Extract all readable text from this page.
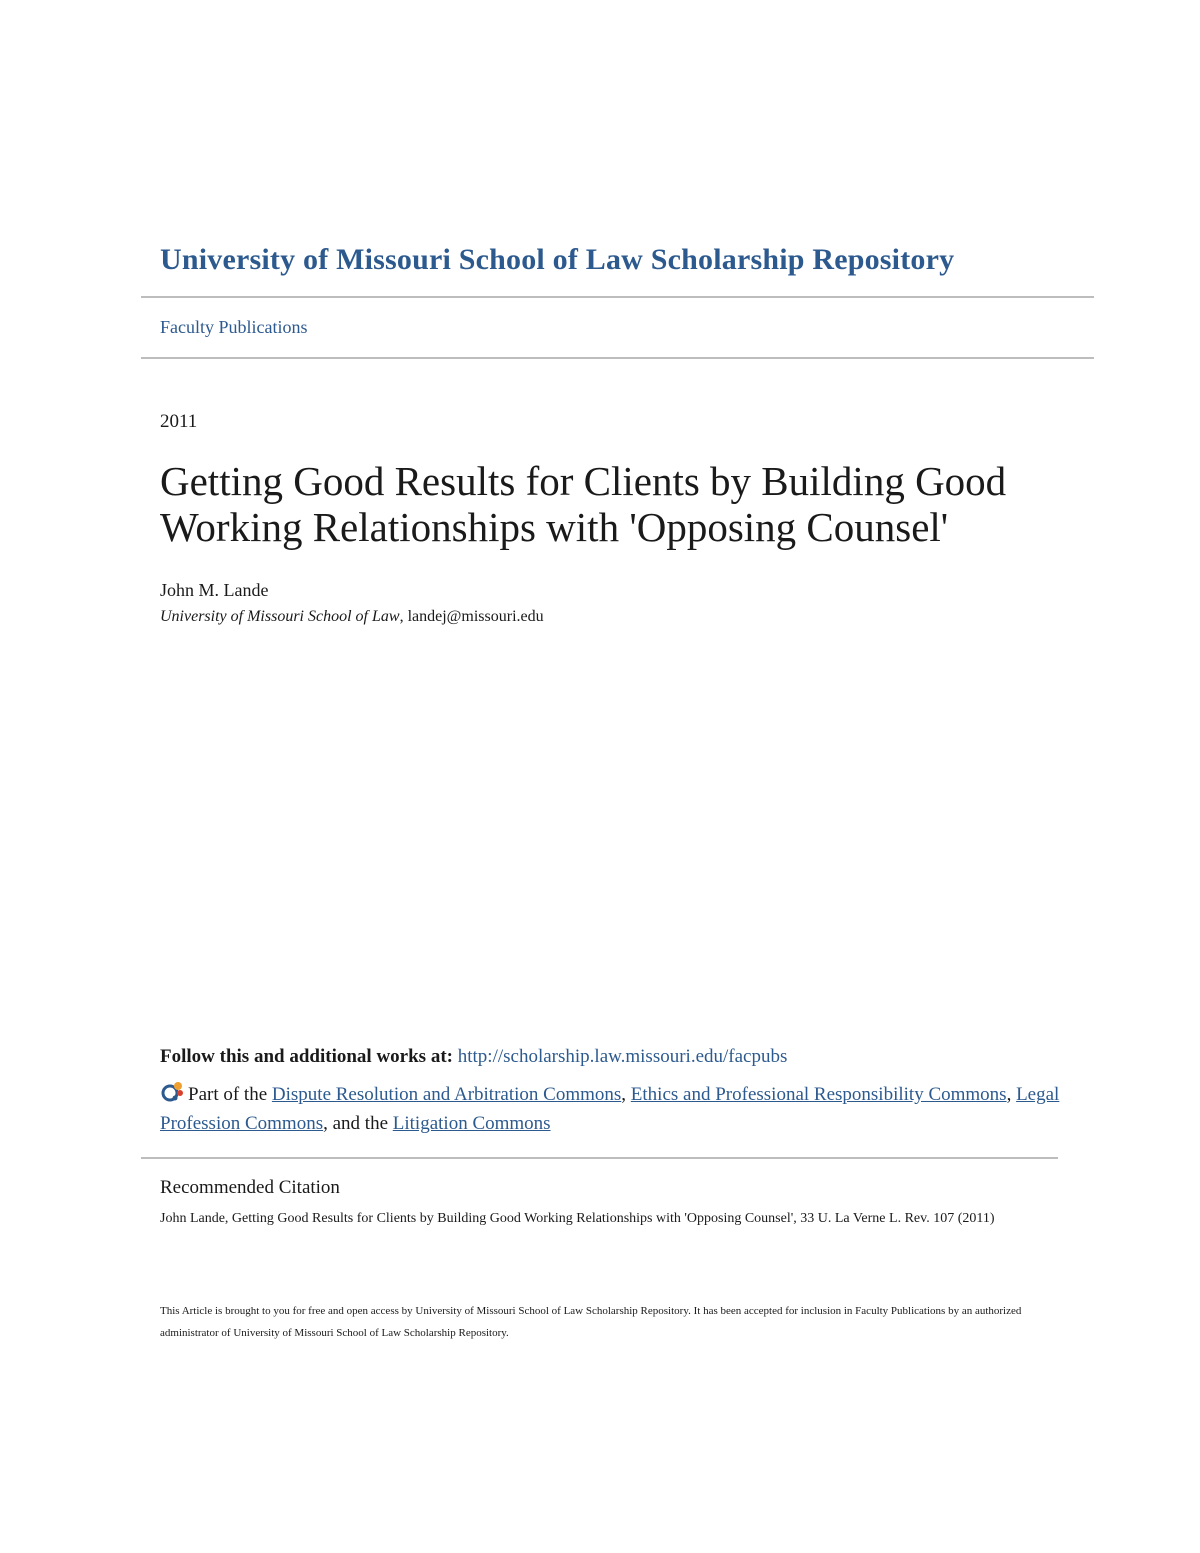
University of Missouri School of Law Scholarship Repository
Faculty Publications
2011
Getting Good Results for Clients by Building Good Working Relationships with 'Opposing Counsel'
John M. Lande
University of Missouri School of Law, landej@missouri.edu
Follow this and additional works at: http://scholarship.law.missouri.edu/facpubs
Part of the Dispute Resolution and Arbitration Commons, Ethics and Professional Responsibility Commons, Legal Profession Commons, and the Litigation Commons
Recommended Citation
John Lande, Getting Good Results for Clients by Building Good Working Relationships with 'Opposing Counsel', 33 U. La Verne L. Rev. 107 (2011)
This Article is brought to you for free and open access by University of Missouri School of Law Scholarship Repository. It has been accepted for inclusion in Faculty Publications by an authorized administrator of University of Missouri School of Law Scholarship Repository.
